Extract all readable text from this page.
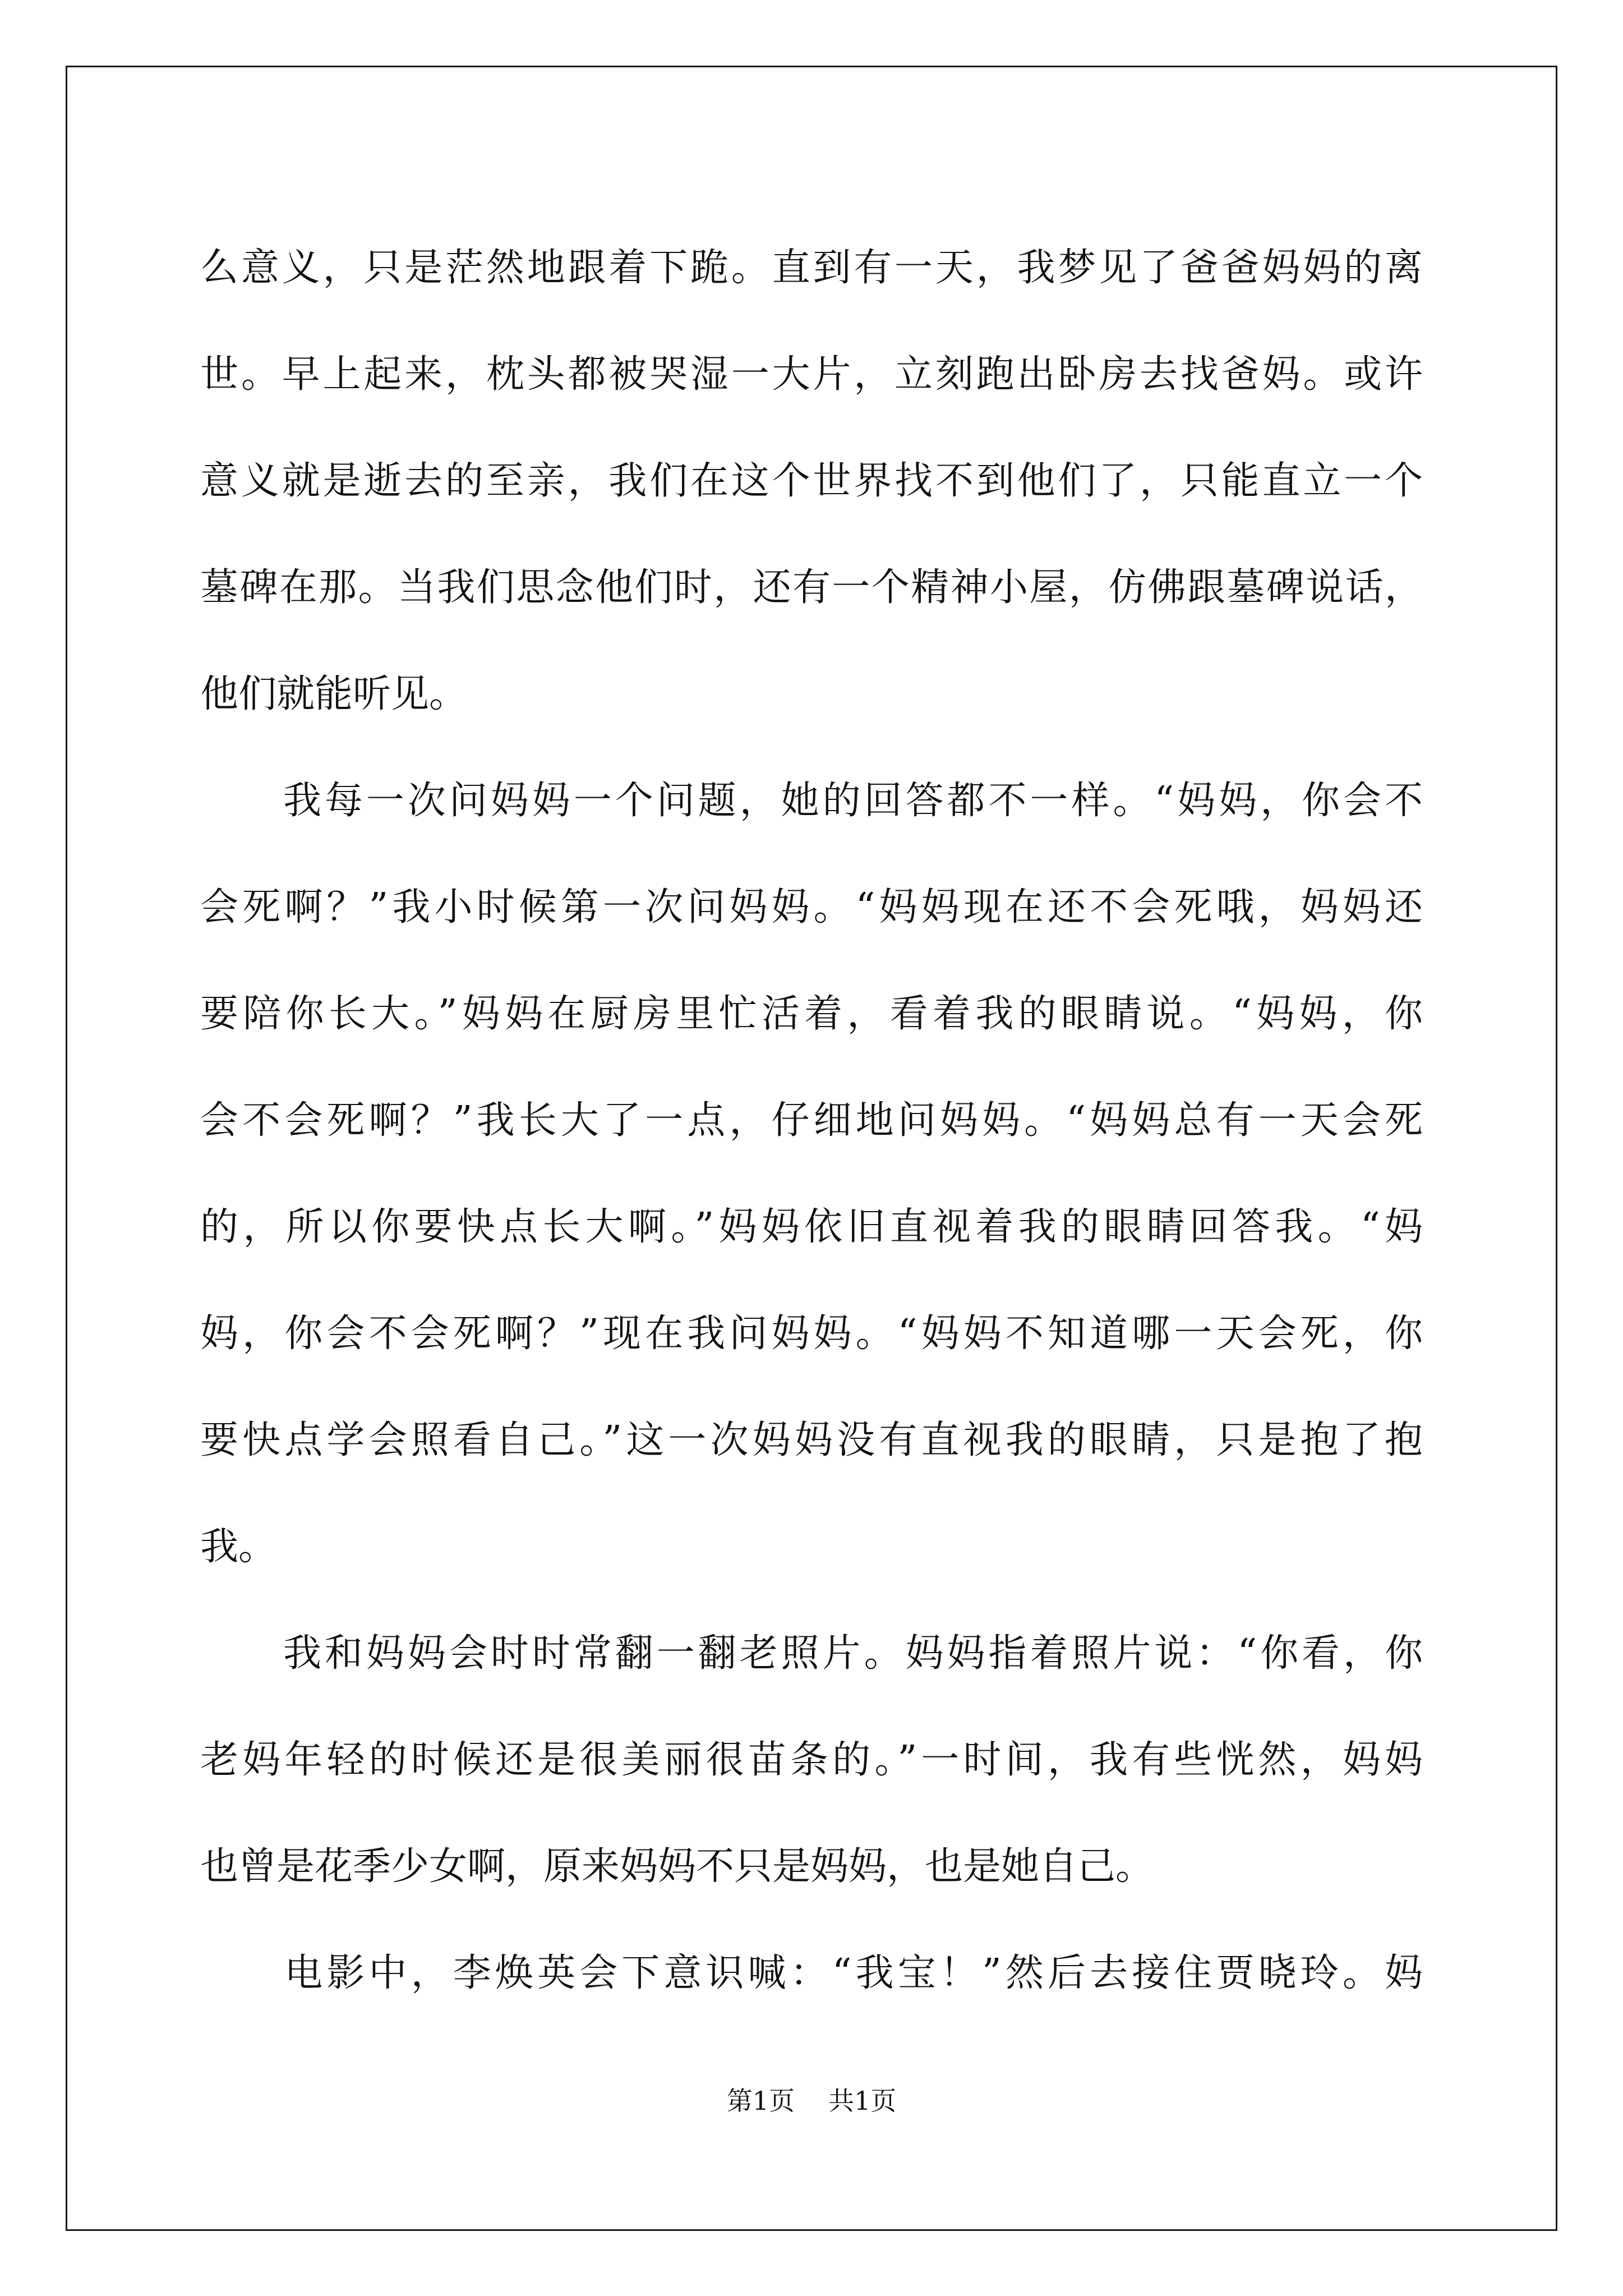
么意义，只是茫然地跟着下跪。直到有一天，我梦见了爸爸妈妈的离
世。早上起来，枕头都被哭湿一大片，立刻跑出卧房去找爸妈。或许
意义就是逝去的至亲，我们在这个世界找不到他们了，只能直立一个
墓碑在那。当我们思念他们时，还有一个精神小屋，仿佛跟墓碑说话，
他们就能听见。
　　我每一次问妈妈一个问题，她的回答都不一样。“妈妈，你会不
会死啊？”我小时候第一次问妈妈。“妈妈现在还不会死哦，妈妈还
要陪你长大。”妈妈在厨房里忙活着，看着我的眼睛说。“妈妈，你
会不会死啊？”我长大了一点，仔细地问妈妈。“妈妈总有一天会死
的，所以你要快点长大啊。”妈妈依旧直视着我的眼睛回答我。“妈
妈，你会不会死啊？”现在我问妈妈。“妈妈不知道哪一天会死，你
要快点学会照看自己。”这一次妈妈没有直视我的眼睛，只是抱了抱
我。
　　我和妈妈会时时常翻一翻老照片。妈妈指着照片说：“你看，你
老妈年轻的时候还是很美丽很苗条的。”一时间，我有些恍然，妈妈
也曾是花季少女啊，原来妈妈不只是妈妈，也是她自己。
　　电影中，李焕英会下意识喊：“我宝！”然后去接住贾晓玲。妈
第1页 共1页
